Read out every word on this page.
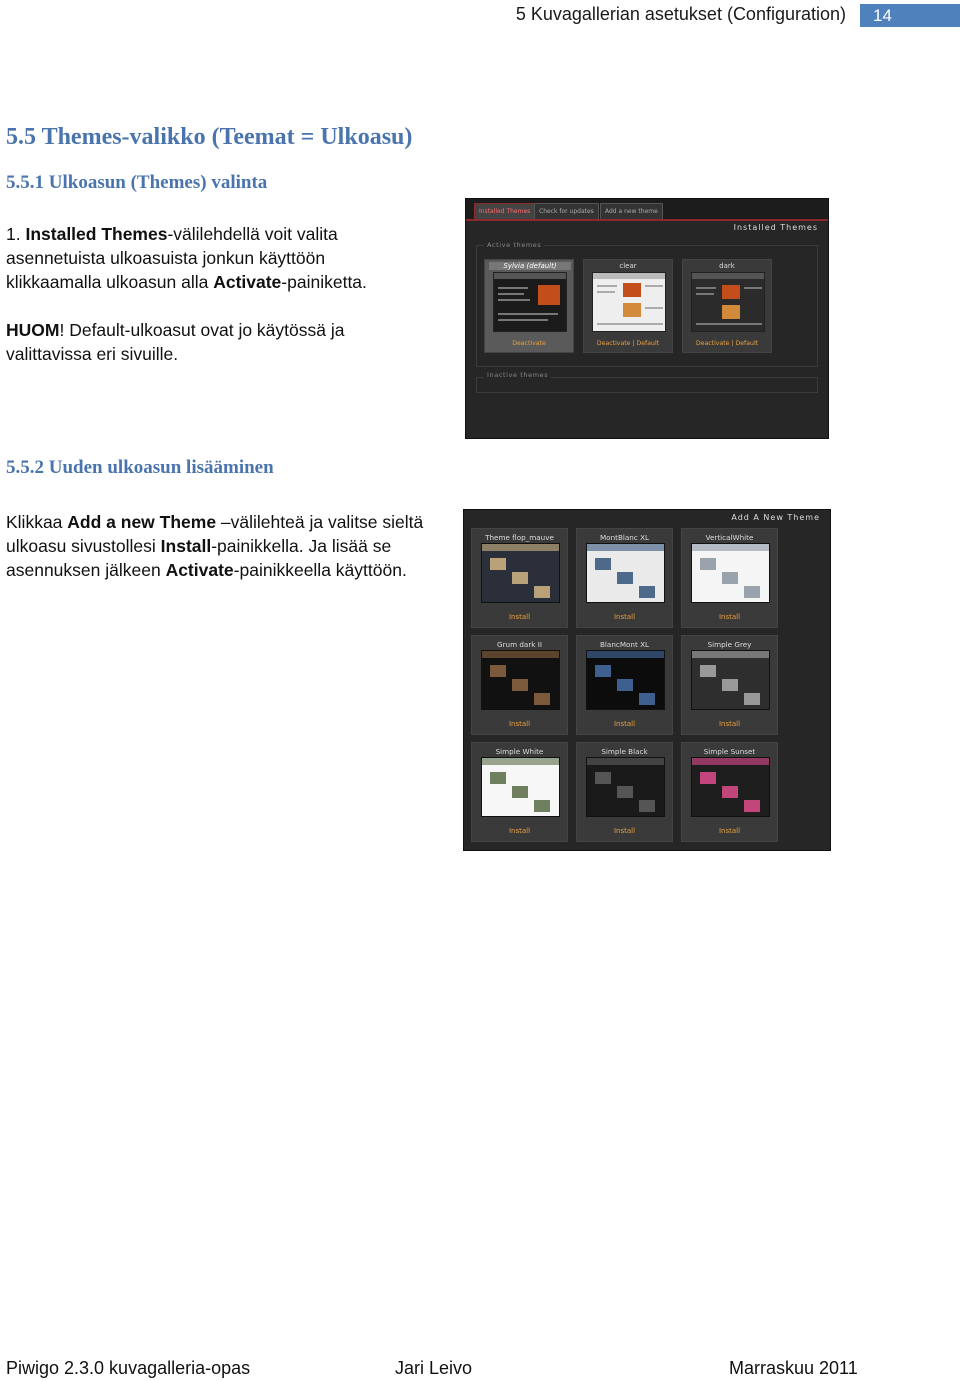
5 Kuvagallerian asetukset (Configuration)	14
5.5 Themes-valikko (Teemat = Ulkoasu)
5.5.1 Ulkoasun (Themes) valinta
1. Installed Themes-välilehdellä voit valita asennetuista ulkoasuista jonkun käyttöön klikkaamalla ulkoasun alla Activate-painiketta.
HUOM! Default-ulkoasut ovat jo käytössä ja valittavissa eri sivuille.
Installed Themes	Check for updates	Add a new theme
Installed Themes
Active themes
Sylvia (default)
Deactivate
clear
Deactivate | Default
dark
Deactivate | Default
Inactive themes
5.5.2 Uuden ulkoasun lisääminen
Klikkaa Add a new Theme –välilehteä ja valitse sieltä ulkoasu sivustollesi Install-painikkella. Ja lisää se asennuksen jälkeen Activate-painikkeella käyttöön.
Add A New Theme
Theme flop_mauve
Install
MontBlanc XL
Install
VerticalWhite
Install
Grum dark II
Install
BlancMont XL
Install
Simple Grey
Install
Simple White
Install
Simple Black
Install
Simple Sunset
Install
Piwigo 2.3.0 kuvagalleria-opas	Jari Leivo	Marraskuu 2011
